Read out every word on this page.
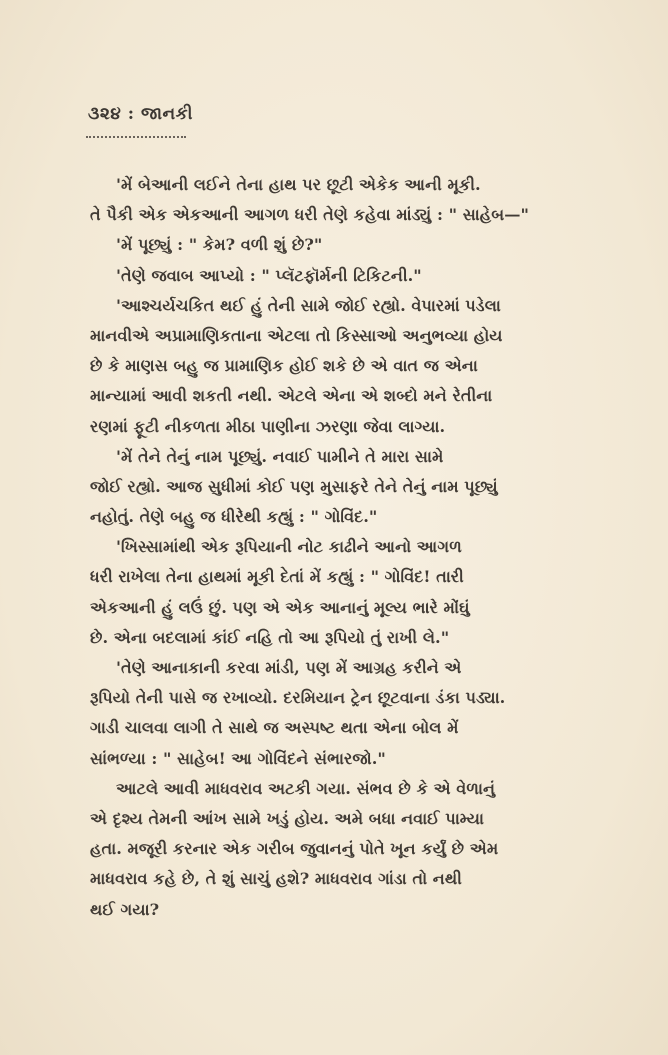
૩૨૪ : જાનકી
'મેં બેઆની લઈને તેના હાથ પર છૂટી એકેક આની મૂકી.
તે પૈકી એક એકઆની આગળ ધરી તેણે કહેવા માંડ્યું : " સાહેબ—"
'મેં પૂછ્યું : " કેમ? વળી શું છે?"
'તેણે જવાબ આપ્યો : " પ્લૅટફૉર્મની ટિકિટની."
'આશ્ચર્યચકિત થઈ હું તેની સામે જોઈ રહ્યો. વેપારમાં પડેલા
માનવીએ અપ્રામાણિકતાના એટલા તો કિસ્સાઓ અનુભવ્યા હોય
છે કે માણસ બહુ જ પ્રામાણિક હોઈ શકે છે એ વાત જ એના
માન્યામાં આવી શકતી નથી. એટલે એના એ શબ્દો મને રેતીના
રણમાં ફૂટી નીકળતા મીઠા પાણીના ઝરણા જેવા લાગ્યા.
'મેં તેને તેનું નામ પૂછ્યું. નવાઈ પામીને તે મારા સામે
જોઈ રહ્યો. આજ સુધીમાં કોઈ પણ મુસાફરે તેને તેનું નામ પૂછ્યું
નહોતું. તેણે બહુ જ ધીરેથી કહ્યું : " ગોવિંદ."
'ખિસ્સામાંથી એક રૂપિયાની નોટ કાઢીને આનો આગળ
ધરી રાખેલા તેના હાથમાં મૂકી દેતાં મેં કહ્યું : " ગોવિંદ! તારી
એકઆની હું લઉં છું. પણ એ એક આનાનું મૂલ્ય ભારે મોંઘું
છે. એના બદલામાં કાંઈ નહિ તો આ રૂપિયો તું રાખી લે."
'તેણે આનાકાની કરવા માંડી, પણ મેં આગ્રહ કરીને એ
રૂપિયો તેની પાસે જ રખાવ્યો. દરમિયાન ટ્રેન છૂટવાના ડંકા પડ્યા.
ગાડી ચાલવા લાગી તે સાથે જ અસ્પષ્ટ થતા એના બોલ મેં
સાંભળ્યા : " સાહેબ! આ ગોવિંદને સંભારજો."
આટલે આવી માધવરાવ અટકી ગયા. સંભવ છે કે એ વેળાનું
એ દૃશ્ય તેમની આંખ સામે ખડું હોય. અમે બધા નવાઈ પામ્યા
હતા. મજૂરી કરનાર એક ગરીબ જુવાનનું પોતે ખૂન કર્યું છે એમ
માધવરાવ કહે છે, તે શું સાચું હશે? માધવરાવ ગાંડા તો નથી
થઈ ગયા?
